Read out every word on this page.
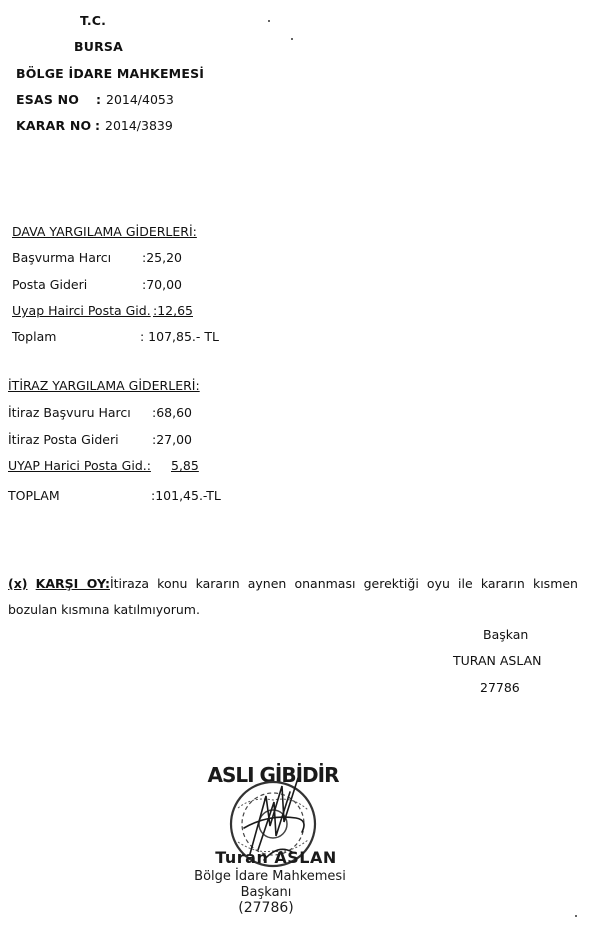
T.C.
BURSA
BÖLGE İDARE MAHKEMESİ
ESAS NO : 2014/4053
KARAR NO : 2014/3839
DAVA YARGILAMA GİDERLERİ:
Başvurma Harcı :25,20
Posta Gideri	:70,00
Uyap Hairci Posta Gid. :12,65
Toplam	: 107,85.- TL
İTİRAZ YARGILAMA GİDERLERİ:
İtiraz Başvuru Harcı :68,60
İtiraz Posta Gideri	:27,00
UYAP Harici Posta Gid.: 5,85
TOPLAM	:101,45.-TL
(x) KARŞI OY:İtiraza konu kararın aynen onanması gerektiği oyu ile kararın kısmen bozulan kısmına katılmıyorum.
Başkan
TURAN ASLAN
27786
ASLI GİBİDİR
Turan ASLAN
Bölge İdare Mahkemesi
Başkanı
(27786)
